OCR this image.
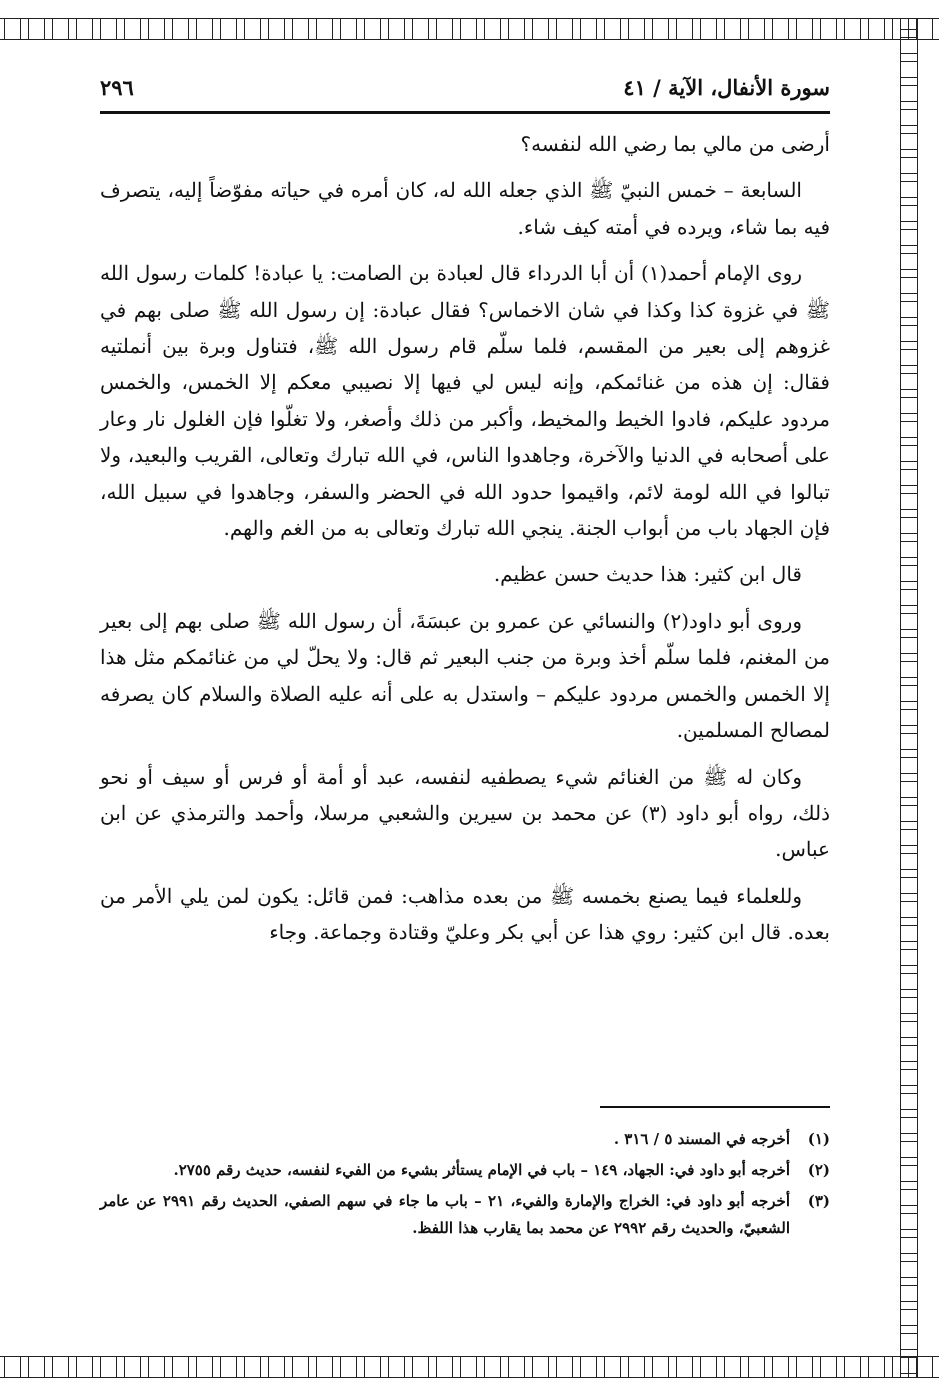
سورة الأنفال، الآية / ٤١
٢٩٦

أرضى من مالي بما رضي الله لنفسه؟

السابعة – خمس النبيّ ﷺ الذي جعله الله له، كان أمره في حياته مفوّضاً إليه، يتصرف فيه بما شاء، ويرده في أمته كيف شاء.

روى الإمام أحمد(١) أن أبا الدرداء قال لعبادة بن الصامت: يا عبادة! كلمات رسول الله ﷺ في غزوة كذا وكذا في شان الاخماس؟ فقال عبادة: إن رسول الله ﷺ صلى بهم في غزوهم إلى بعير من المقسم، فلما سلّم قام رسول الله ﷺ، فتناول وبرة بين أنملتيه فقال: إن هذه من غنائمكم، وإنه ليس لي فيها إلا نصيبي معكم إلا الخمس، والخمس مردود عليكم، فادوا الخيط والمخيط، وأكبر من ذلك وأصغر، ولا تغلّوا فإن الغلول نار وعار على أصحابه في الدنيا والآخرة، وجاهدوا الناس، في الله تبارك وتعالى، القريب والبعيد، ولا تبالوا في الله لومة لائم، واقيموا حدود الله في الحضر والسفر، وجاهدوا في سبيل الله، فإن الجهاد باب من أبواب الجنة. ينجي الله تبارك وتعالى به من الغم والهم.

قال ابن كثير: هذا حديث حسن عظيم.

وروى أبو داود(٢) والنسائي عن عمرو بن عبسَةَ، أن رسول الله ﷺ صلى بهم إلى بعير من المغنم، فلما سلّم أخذ وبرة من جنب البعير ثم قال: ولا يحلّ لي من غنائمكم مثل هذا إلا الخمس والخمس مردود عليكم – واستدل به على أنه عليه الصلاة والسلام كان يصرفه لمصالح المسلمين.

وكان له ﷺ من الغنائم شيء يصطفيه لنفسه، عبد أو أمة أو فرس أو سيف أو نحو ذلك، رواه أبو داود (٣) عن محمد بن سيرين والشعبي مرسلا، وأحمد والترمذي عن ابن عباس.

وللعلماء فيما يصنع بخمسه ﷺ من بعده مذاهب: فمن قائل: يكون لمن يلي الأمر من بعده. قال ابن كثير: روي هذا عن أبي بكر وعليّ وقتادة وجماعة. وجاء

(١)
أخرجه في المسند ٥ / ٣١٦ .
(٢)
أخرجه أبو داود في: الجهاد، ١٤٩ – باب في الإمام يستأثر بشيء من الفيء لنفسه، حديث رقم ٢٧٥٥.
(٣)
أخرجه أبو داود في: الخراج والإمارة والفيء، ٢١ – باب ما جاء في سهم الصفي، الحديث رقم ٢٩٩١ عن عامر الشعبيّ، والحديث رقم ٢٩٩٢ عن محمد بما يقارب هذا اللفظ.
